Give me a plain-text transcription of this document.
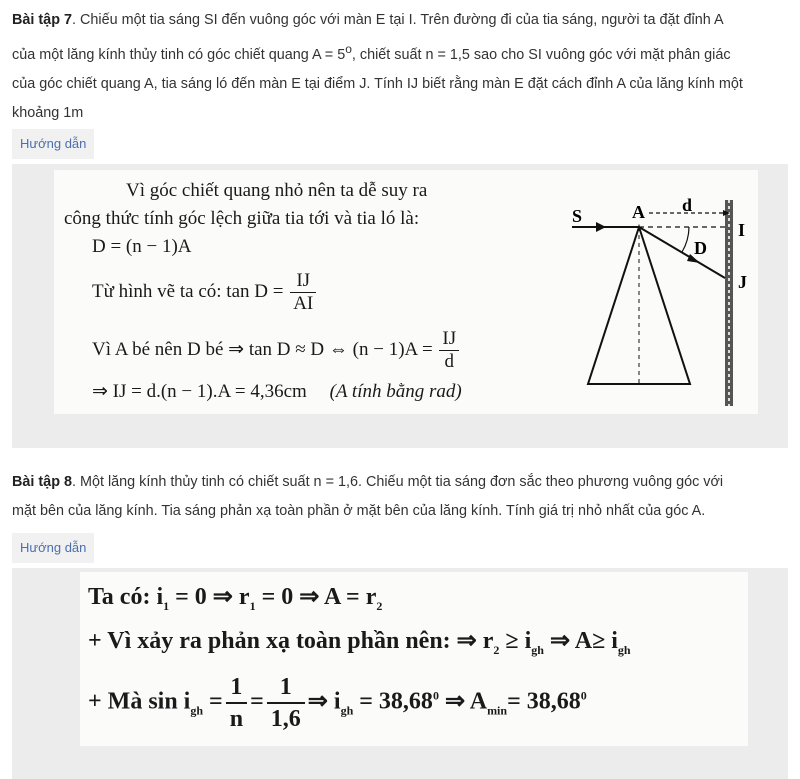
Bài tập 7. Chiếu một tia sáng SI đến vuông góc với màn E tại I. Trên đường đi của tia sáng, người ta đặt đỉnh A
của một lăng kính thủy tinh có góc chiết quang $A = 5^o$, chiết suất n = 1,5 sao cho SI vuông góc với mặt phân giác
của góc chiết quang A, tia sáng ló đến màn E tại điểm J. Tính IJ biết rằng màn E đặt cách đỉnh A của lăng kính một
khoảng 1m
Hướng dẫn
Vì góc chiết quang nhỏ nên ta dễ suy ra
công thức tính góc lệch giữa tia tới và tia ló là:
D = (n − 1)A
Từ hình vẽ ta có: $\tan D = \frac{IJ}{AI}$
Vì A bé nên D bé ⇒ tan D ≈ D ⇔ $(n - 1)A = \frac{IJ}{d}$
⇒ IJ = d.(n − 1).A = 4,36cm (A tính bằng rad)
S	A d
D
I
J
Bài tập 8. Một lăng kính thủy tinh có chiết suất n = 1,6. Chiếu một tia sáng đơn sắc theo phương vuông góc với
mặt bên của lăng kính. Tia sáng phản xạ toàn phần ở mặt bên của lăng kính. Tính giá trị nhỏ nhất của góc A.
Hướng dẫn
Ta có: $i_1 = 0$ ⇒ $r_1 = 0$ ⇒ $A = r_2$
+ Vì xảy ra phản xạ toàn phần nên: ⇒ $r_2 \ge i_{gh}$ ⇒ $A\ge i_{gh}$
+ Mà $\sin i_{gh} = \frac{1}{n} = \frac{1}{1,6}$ ⇒ $i_{gh} = 38,68^0$ ⇒ $A_{min}= 38,68^0$
